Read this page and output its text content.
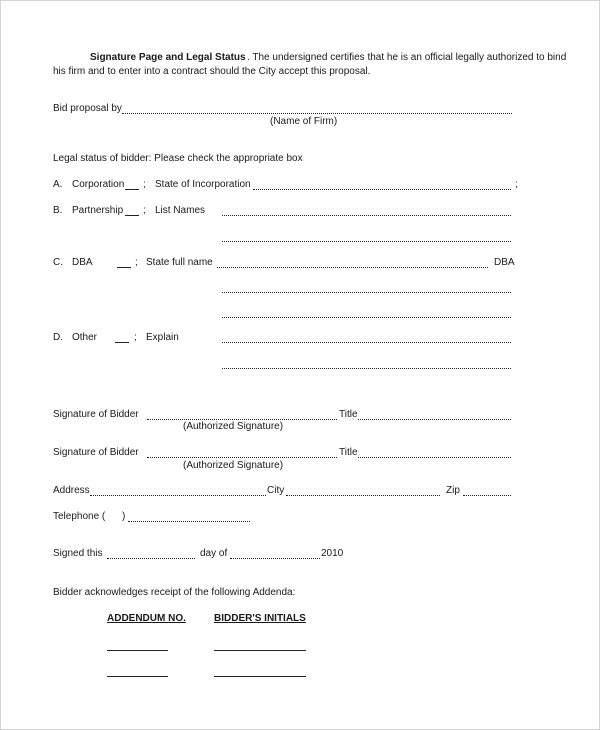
Signature Page and Legal Status . The undersigned certifies that he is an official legally authorized to bind
his firm and to enter into a contract should the City accept this proposal.
Bid proposal by
(Name of Firm)
Legal status of bidder: Please check the appropriate box
A. Corporation ; State of Incorporation	;
B. Partnership ; List Names
C. DBA	; State full name	DBA
D. Other	; Explain
Signature of Bidder	Title
(Authorized Signature)
Signature of Bidder	Title
(Authorized Signature)
Address	City	Zip
Telephone ( )
Signed this	day of	2010
Bidder acknowledges receipt of the following Addenda:
ADDENDUM NO.	BIDDER'S INITIALS
